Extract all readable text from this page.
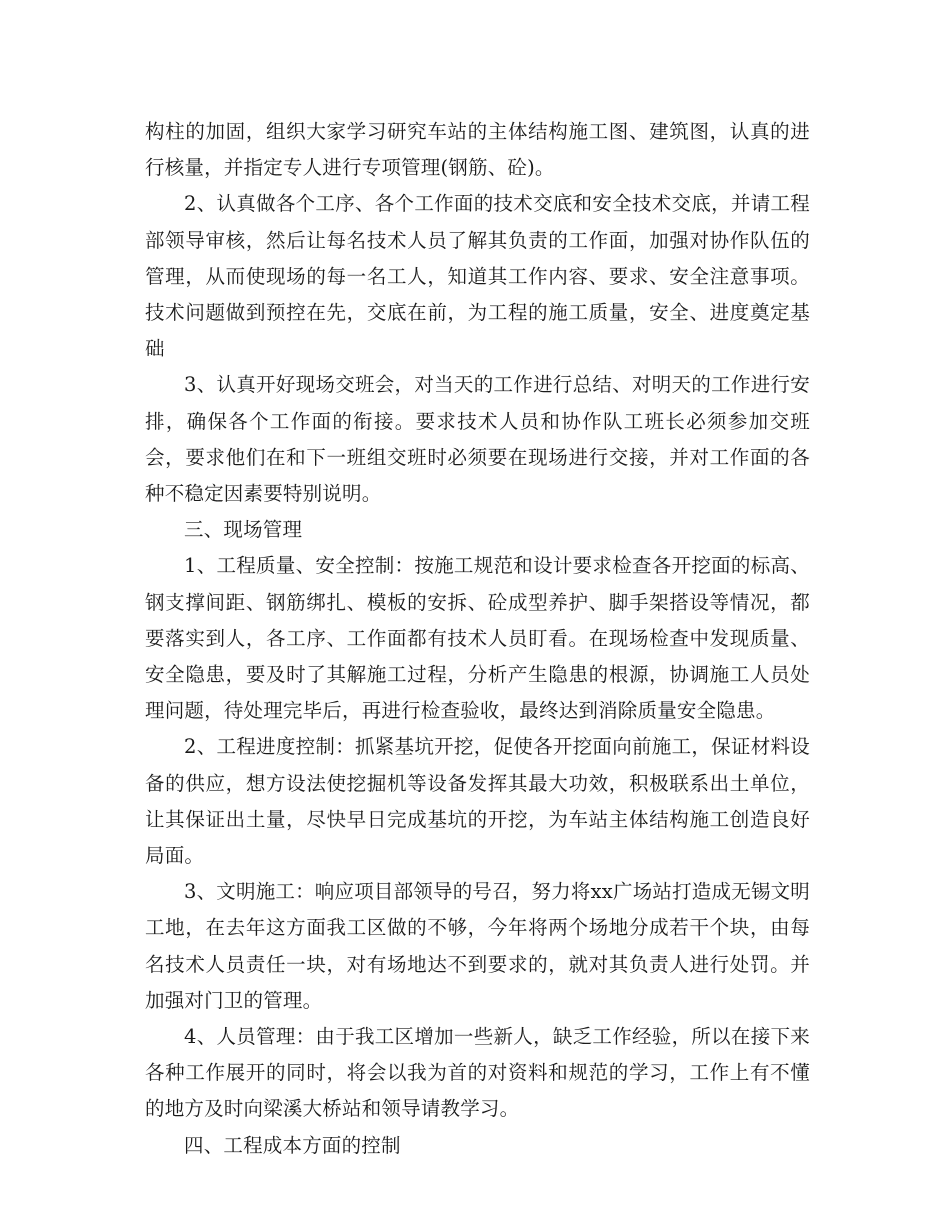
构柱的加固，组织大家学习研究车站的主体结构施工图、建筑图，认真的进行核量，并指定专人进行专项管理(钢筋、砼)。

2、认真做各个工序、各个工作面的技术交底和安全技术交底，并请工程部领导审核，然后让每名技术人员了解其负责的工作面，加强对协作队伍的管理，从而使现场的每一名工人，知道其工作内容、要求、安全注意事项。技术问题做到预控在先，交底在前，为工程的施工质量，安全、进度奠定基础

3、认真开好现场交班会，对当天的工作进行总结、对明天的工作进行安排，确保各个工作面的衔接。要求技术人员和协作队工班长必须参加交班会，要求他们在和下一班组交班时必须要在现场进行交接，并对工作面的各种不稳定因素要特别说明。

三、现场管理

1、工程质量、安全控制：按施工规范和设计要求检查各开挖面的标高、钢支撑间距、钢筋绑扎、模板的安拆、砼成型养护、脚手架搭设等情况，都要落实到人，各工序、工作面都有技术人员盯看。在现场检查中发现质量、安全隐患，要及时了其解施工过程，分析产生隐患的根源，协调施工人员处理问题，待处理完毕后，再进行检查验收，最终达到消除质量安全隐患。

2、工程进度控制：抓紧基坑开挖，促使各开挖面向前施工，保证材料设备的供应，想方设法使挖掘机等设备发挥其最大功效，积极联系出土单位，让其保证出土量，尽快早日完成基坑的开挖，为车站主体结构施工创造良好局面。

3、文明施工：响应项目部领导的号召，努力将xx广场站打造成无锡文明工地，在去年这方面我工区做的不够，今年将两个场地分成若干个块，由每名技术人员责任一块，对有场地达不到要求的，就对其负责人进行处罚。并加强对门卫的管理。

4、人员管理：由于我工区增加一些新人，缺乏工作经验，所以在接下来各种工作展开的同时，将会以我为首的对资料和规范的学习，工作上有不懂的地方及时向梁溪大桥站和领导请教学习。

四、工程成本方面的控制
